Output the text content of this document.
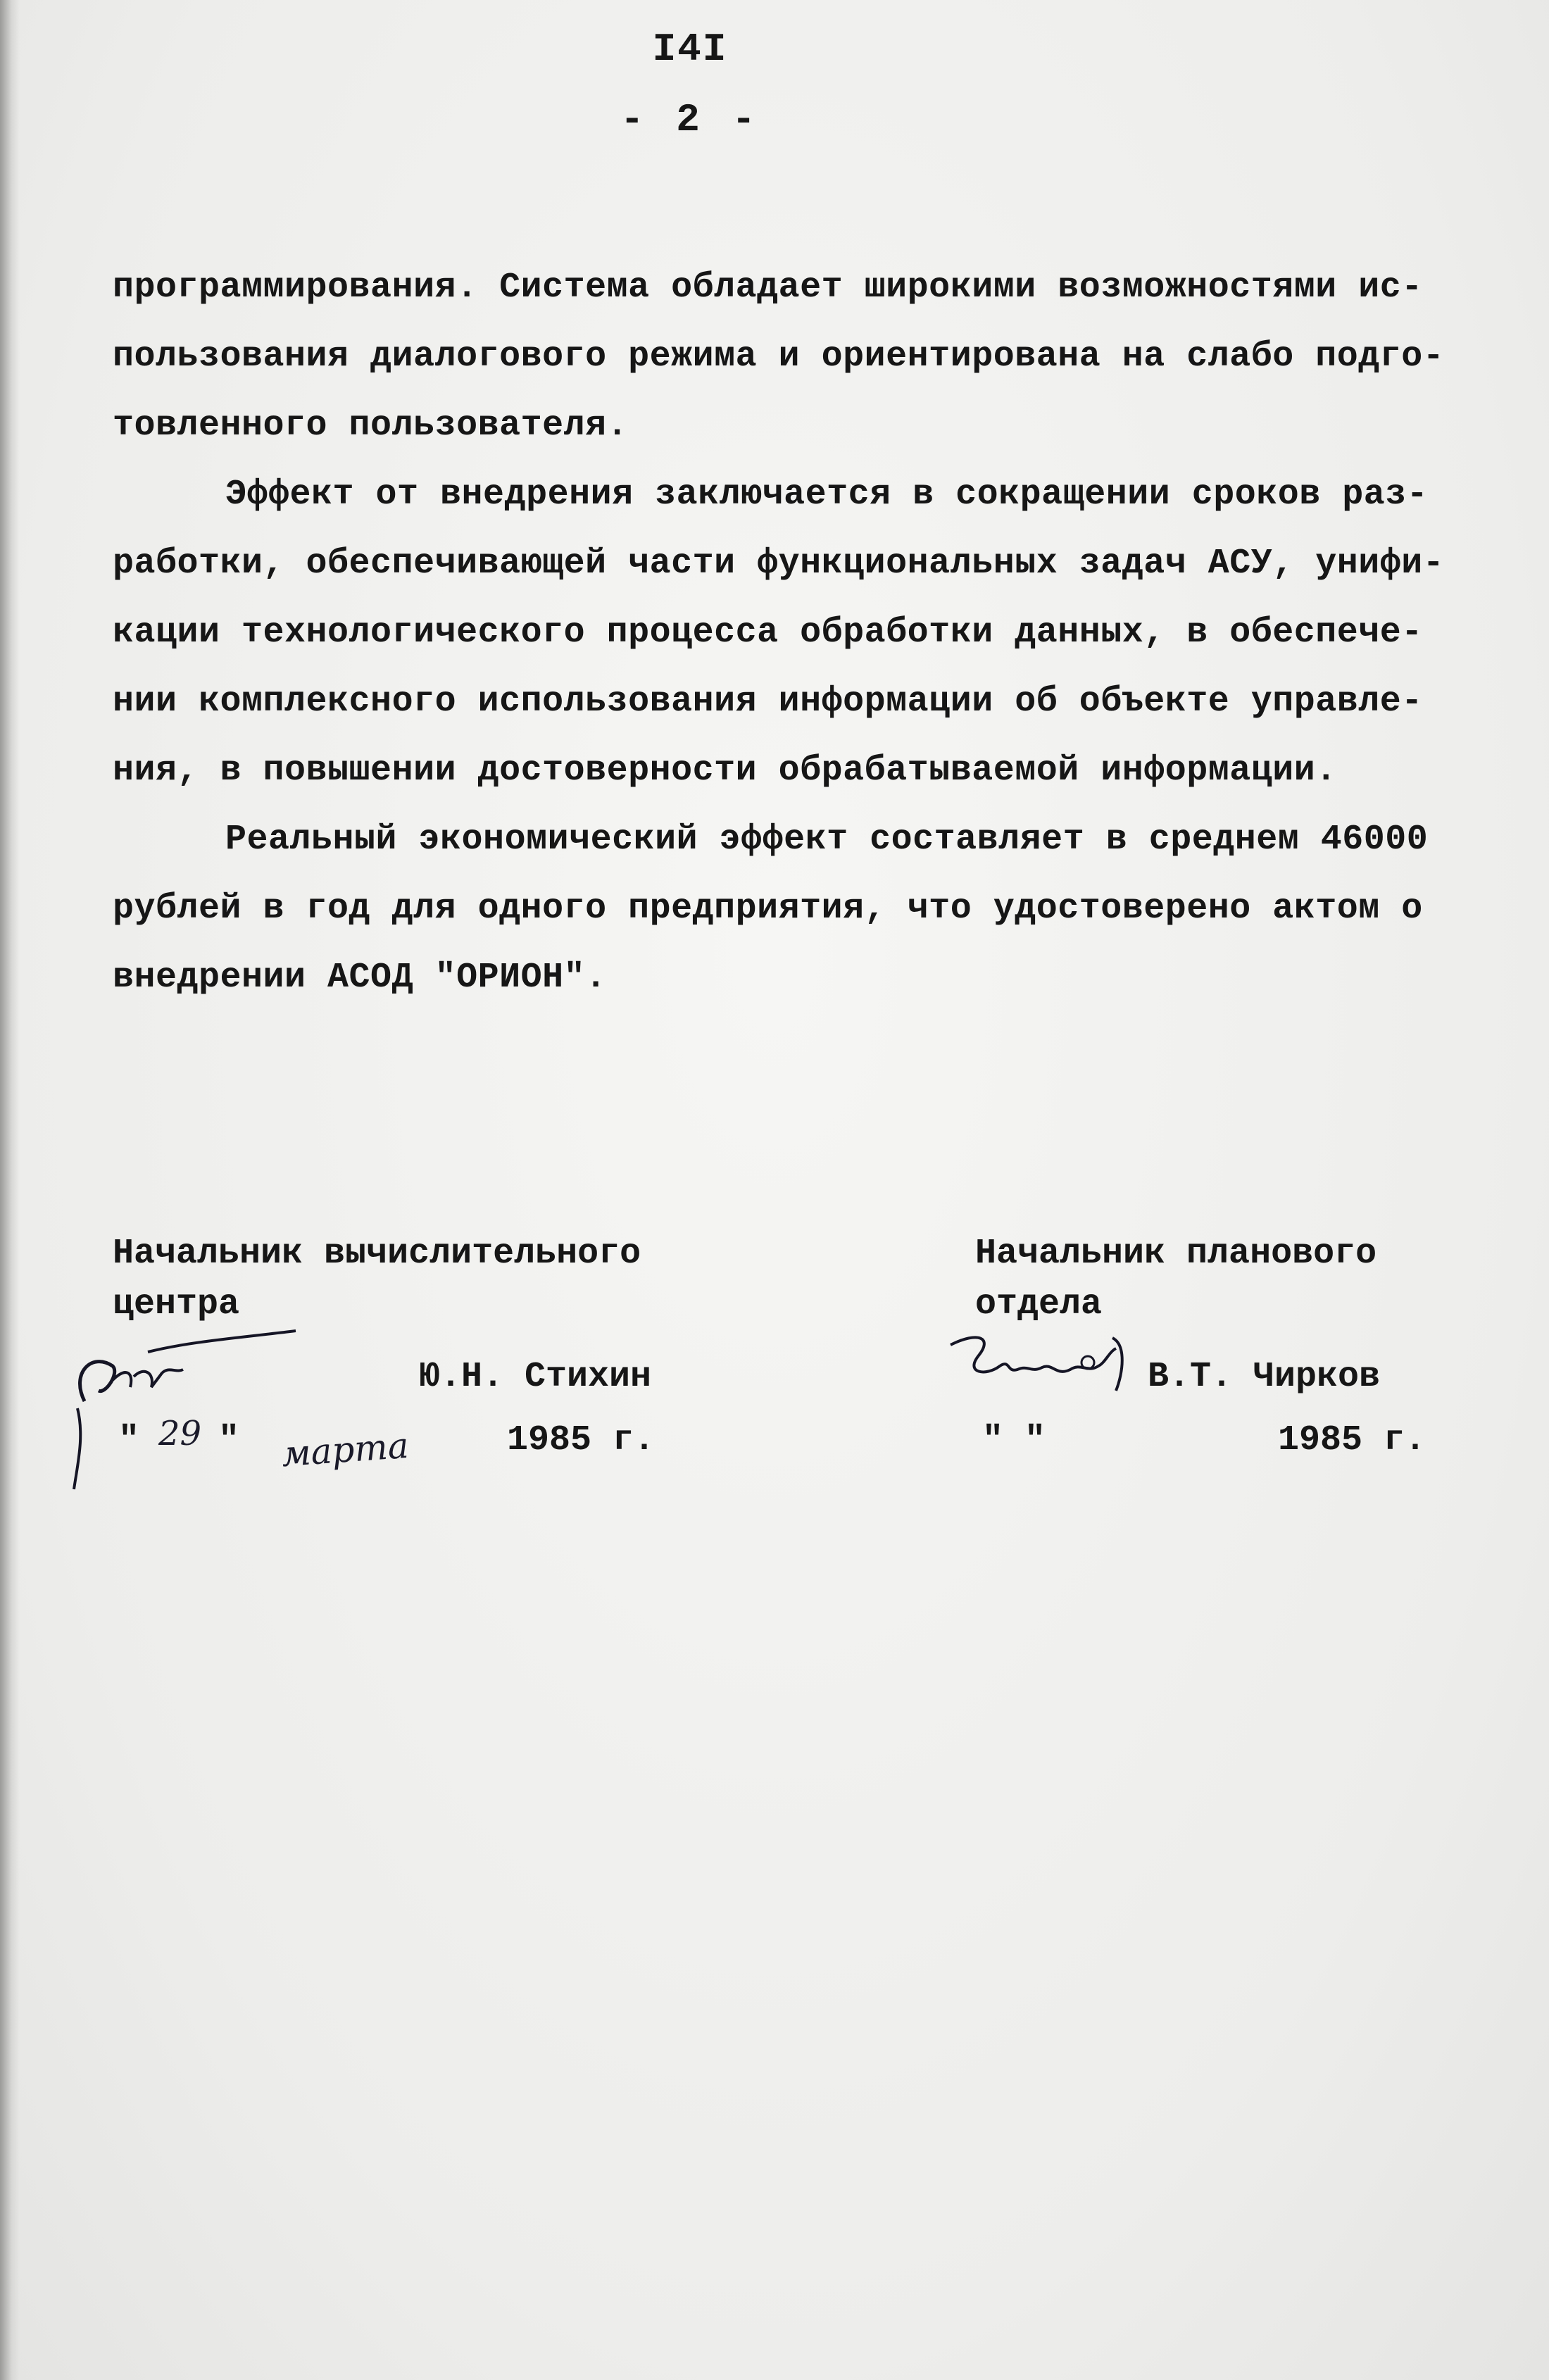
I4I
- 2 -

программирования. Система обладает широкими возможностями ис-
пользования диалогового режима и ориентирована на слабо подго-
товленного пользователя.

Эффект от внедрения заключается в сокращении сроков раз-
работки, обеспечивающей части функциональных задач АСУ, унифи-
кации технологического процесса обработки данных, в обеспече-
нии комплексного использования информации об объекте управле-
ния, в повышении достоверности обрабатываемой информации.

Реальный экономический эффект составляет в среднем 46000
рублей в год для одного предприятия, что удостоверено актом о
внедрении АСОД "ОРИОН".

Начальник вычислительного
центра
Ю.Н. Стихин
" 29 " марта	1985 г.
Начальник планового
отдела
В.Т. Чирков
" "	1985 г.
